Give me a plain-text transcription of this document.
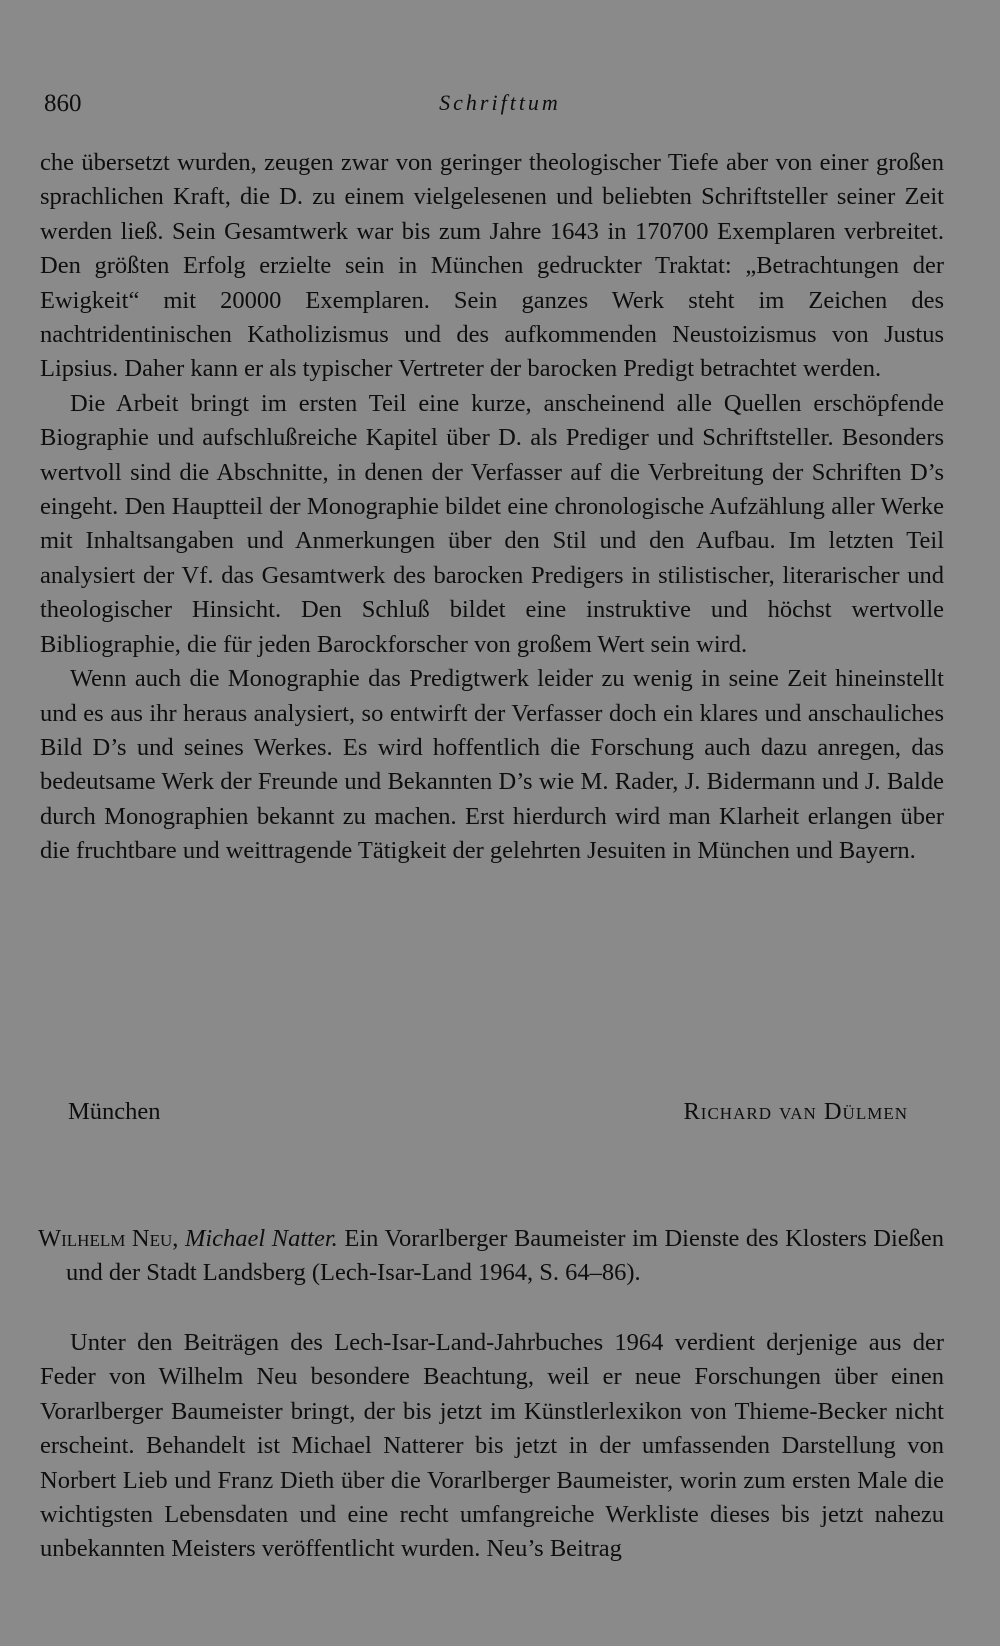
860	Schrifttum

che übersetzt wurden, zeugen zwar von geringer theologischer Tiefe aber von einer großen sprachlichen Kraft, die D. zu einem vielgelesenen und beliebten Schriftsteller seiner Zeit werden ließ. Sein Gesamtwerk war bis zum Jahre 1643 in 170700 Exemplaren verbreitet. Den größten Erfolg erzielte sein in München gedruckter Traktat: „Betrachtungen der Ewigkeit“ mit 20000 Exemplaren. Sein ganzes Werk steht im Zeichen des nachtridentinischen Katholizismus und des aufkommenden Neustoizismus von Justus Lipsius. Daher kann er als typischer Vertreter der barocken Predigt betrachtet werden.

Die Arbeit bringt im ersten Teil eine kurze, anscheinend alle Quellen erschöpfende Biographie und aufschlußreiche Kapitel über D. als Prediger und Schriftsteller. Besonders wertvoll sind die Abschnitte, in denen der Verfasser auf die Verbreitung der Schriften D’s eingeht. Den Hauptteil der Monographie bildet eine chronologische Aufzählung aller Werke mit Inhaltsangaben und Anmerkungen über den Stil und den Aufbau. Im letzten Teil analysiert der Vf. das Gesamtwerk des barocken Predigers in stilistischer, literarischer und theologischer Hinsicht. Den Schluß bildet eine instruktive und höchst wertvolle Bibliographie, die für jeden Barockforscher von großem Wert sein wird.

Wenn auch die Monographie das Predigtwerk leider zu wenig in seine Zeit hineinstellt und es aus ihr heraus analysiert, so entwirft der Verfasser doch ein klares und anschauliches Bild D’s und seines Werkes. Es wird hoffentlich die Forschung auch dazu anregen, das bedeutsame Werk der Freunde und Bekannten D’s wie M. Rader, J. Bidermann und J. Balde durch Monographien bekannt zu machen. Erst hierdurch wird man Klarheit erlangen über die fruchtbare und weittragende Tätigkeit der gelehrten Jesuiten in München und Bayern.

München	Richard van Dülmen
Wilhelm Neu, Michael Natter. Ein Vorarlberger Baumeister im Dienste des Klosters Dießen und der Stadt Landsberg (Lech-Isar-Land 1964, S. 64–86).

Unter den Beiträgen des Lech-Isar-Land-Jahrbuches 1964 verdient derjenige aus der Feder von Wilhelm Neu besondere Beachtung, weil er neue Forschungen über einen Vorarlberger Baumeister bringt, der bis jetzt im Künstlerlexikon von Thieme-Becker nicht erscheint. Behandelt ist Michael Natterer bis jetzt in der umfassenden Darstellung von Norbert Lieb und Franz Dieth über die Vorarlberger Baumeister, worin zum ersten Male die wichtigsten Lebensdaten und eine recht umfangreiche Werkliste dieses bis jetzt nahezu unbekannten Meisters veröffentlicht wurden. Neu’s Beitrag
